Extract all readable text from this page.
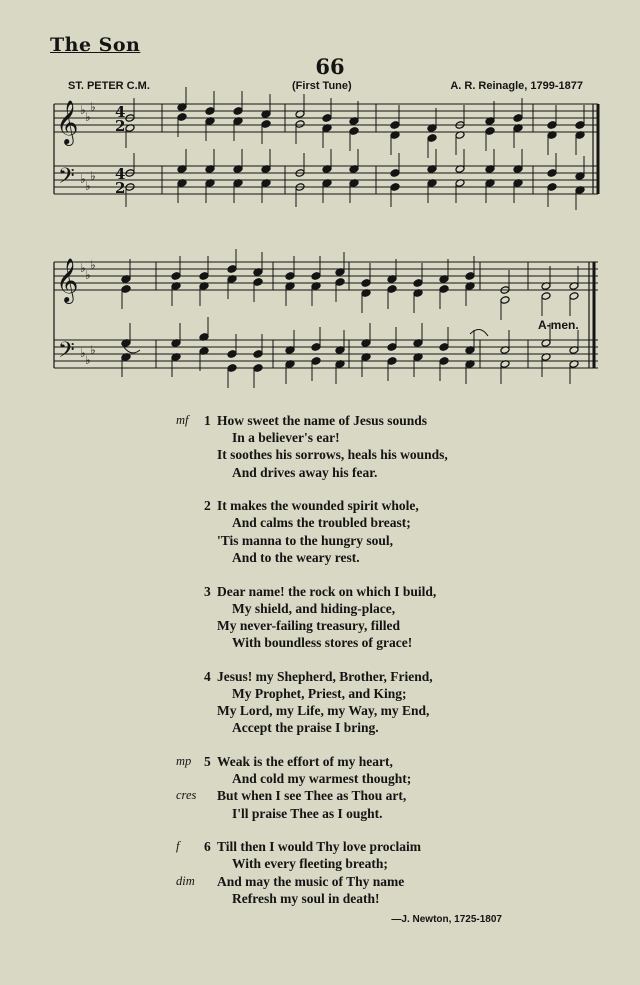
The Son
66
ST. PETER C.M.	(First Tune)	A. R. Reinagle, 1799-1877
𝄞
𝄢
♭
♭
♭
♭
♭
♭
4
2
4
2
𝄞
𝄢
♭
♭
♭
♭
♭
♭
A-men.
mf 1 How sweet the name of Jesus sounds
In a believer's ear!
It soothes his sorrows, heals his wounds,
And drives away his fear.
2 It makes the wounded spirit whole,
And calms the troubled breast;
'Tis manna to the hungry soul,
And to the weary rest.
3 Dear name! the rock on which I build,
My shield, and hiding-place,
My never-failing treasury, filled
With boundless stores of grace!
4 Jesus! my Shepherd, Brother, Friend,
My Prophet, Priest, and King;
My Lord, my Life, my Way, my End,
Accept the praise I bring.
mp 5 Weak is the effort of my heart,
And cold my warmest thought;
cres But when I see Thee as Thou art,
I'll praise Thee as I ought.
f 6 Till then I would Thy love proclaim
With every fleeting breath;
dim And may the music of Thy name
Refresh my soul in death!
—J. Newton, 1725-1807
